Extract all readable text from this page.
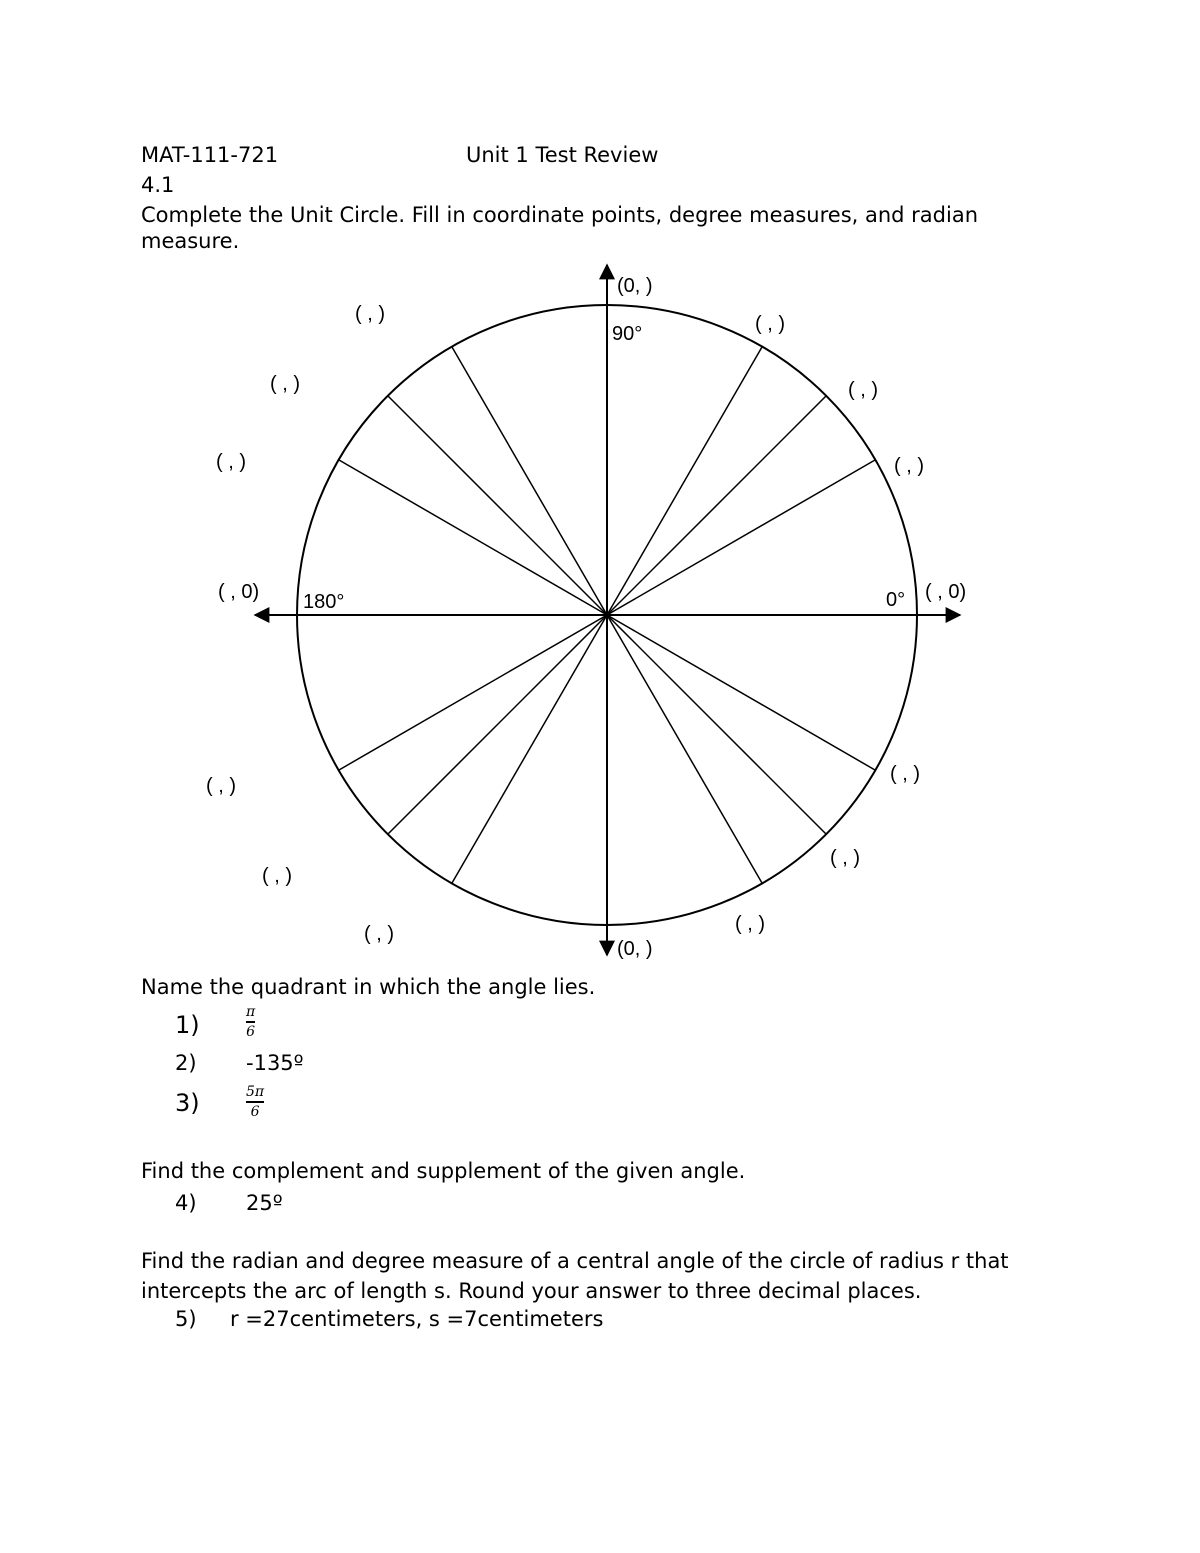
MAT-111-721	Unit 1 Test Review
4.1
Complete the Unit Circle. Fill in coordinate points, degree measures, and radian measure.
90°
180°	0°
(0, )
(0, )
( , 0)	( , 0)
( , )
( , )
( , )
( , )
( , )
( , )
( , )
( , )
( , )	( , )
( , )
( , )
Name the quadrant in which the angle lies.
1)	π
6
2) -135º
3)	5π
6
Find the complement and supplement of the given angle.
4) 25º
Find the radian and degree measure of a central angle of the circle of radius r that intercepts the arc of length s. Round your answer to three decimal places.
5) r =27centimeters, s =7centimeters
